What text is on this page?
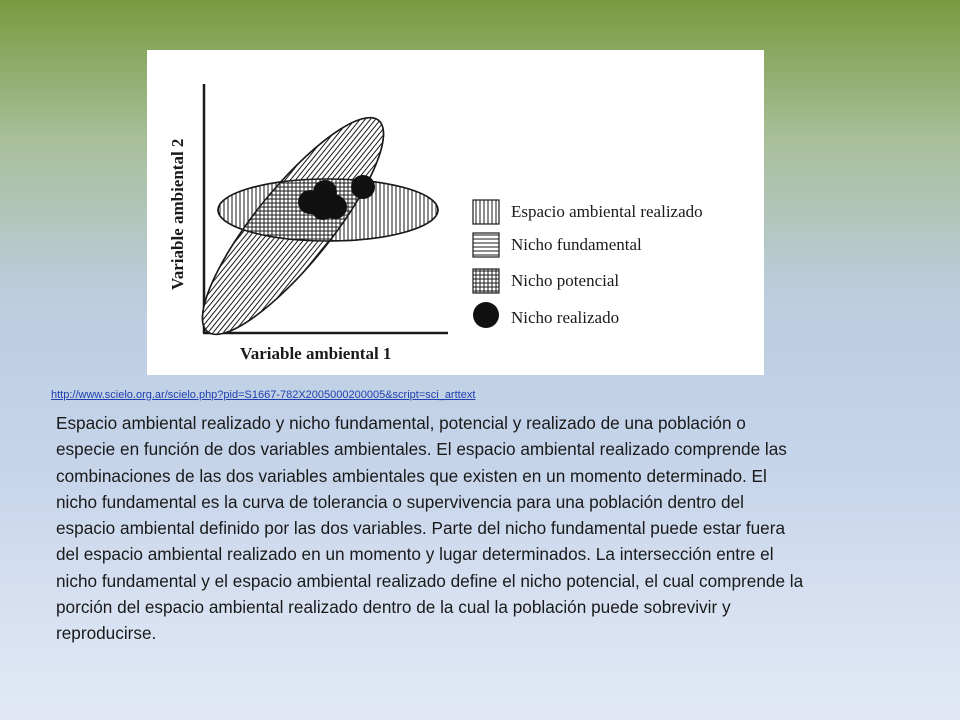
Variable ambiental 2
Variable ambiental 1
Espacio ambiental realizado
Nicho fundamental
Nicho potencial
Nicho realizado
http://www.scielo.org.ar/scielo.php?pid=S1667-782X2005000200005&script=sci_arttext

Espacio ambiental realizado y nicho fundamental, potencial y realizado de una población o
especie en función de dos variables ambientales. El espacio ambiental realizado comprende las
combinaciones de las dos variables ambientales que existen en un momento determinado. El
nicho fundamental es la curva de tolerancia o supervivencia para una población dentro del
espacio ambiental definido por las dos variables. Parte del nicho fundamental puede estar fuera
del espacio ambiental realizado en un momento y lugar determinados. La intersección entre el
nicho fundamental y el espacio ambiental realizado define el nicho potencial, el cual comprende la
porción del espacio ambiental realizado dentro de la cual la población puede sobrevivir y
reproducirse.
